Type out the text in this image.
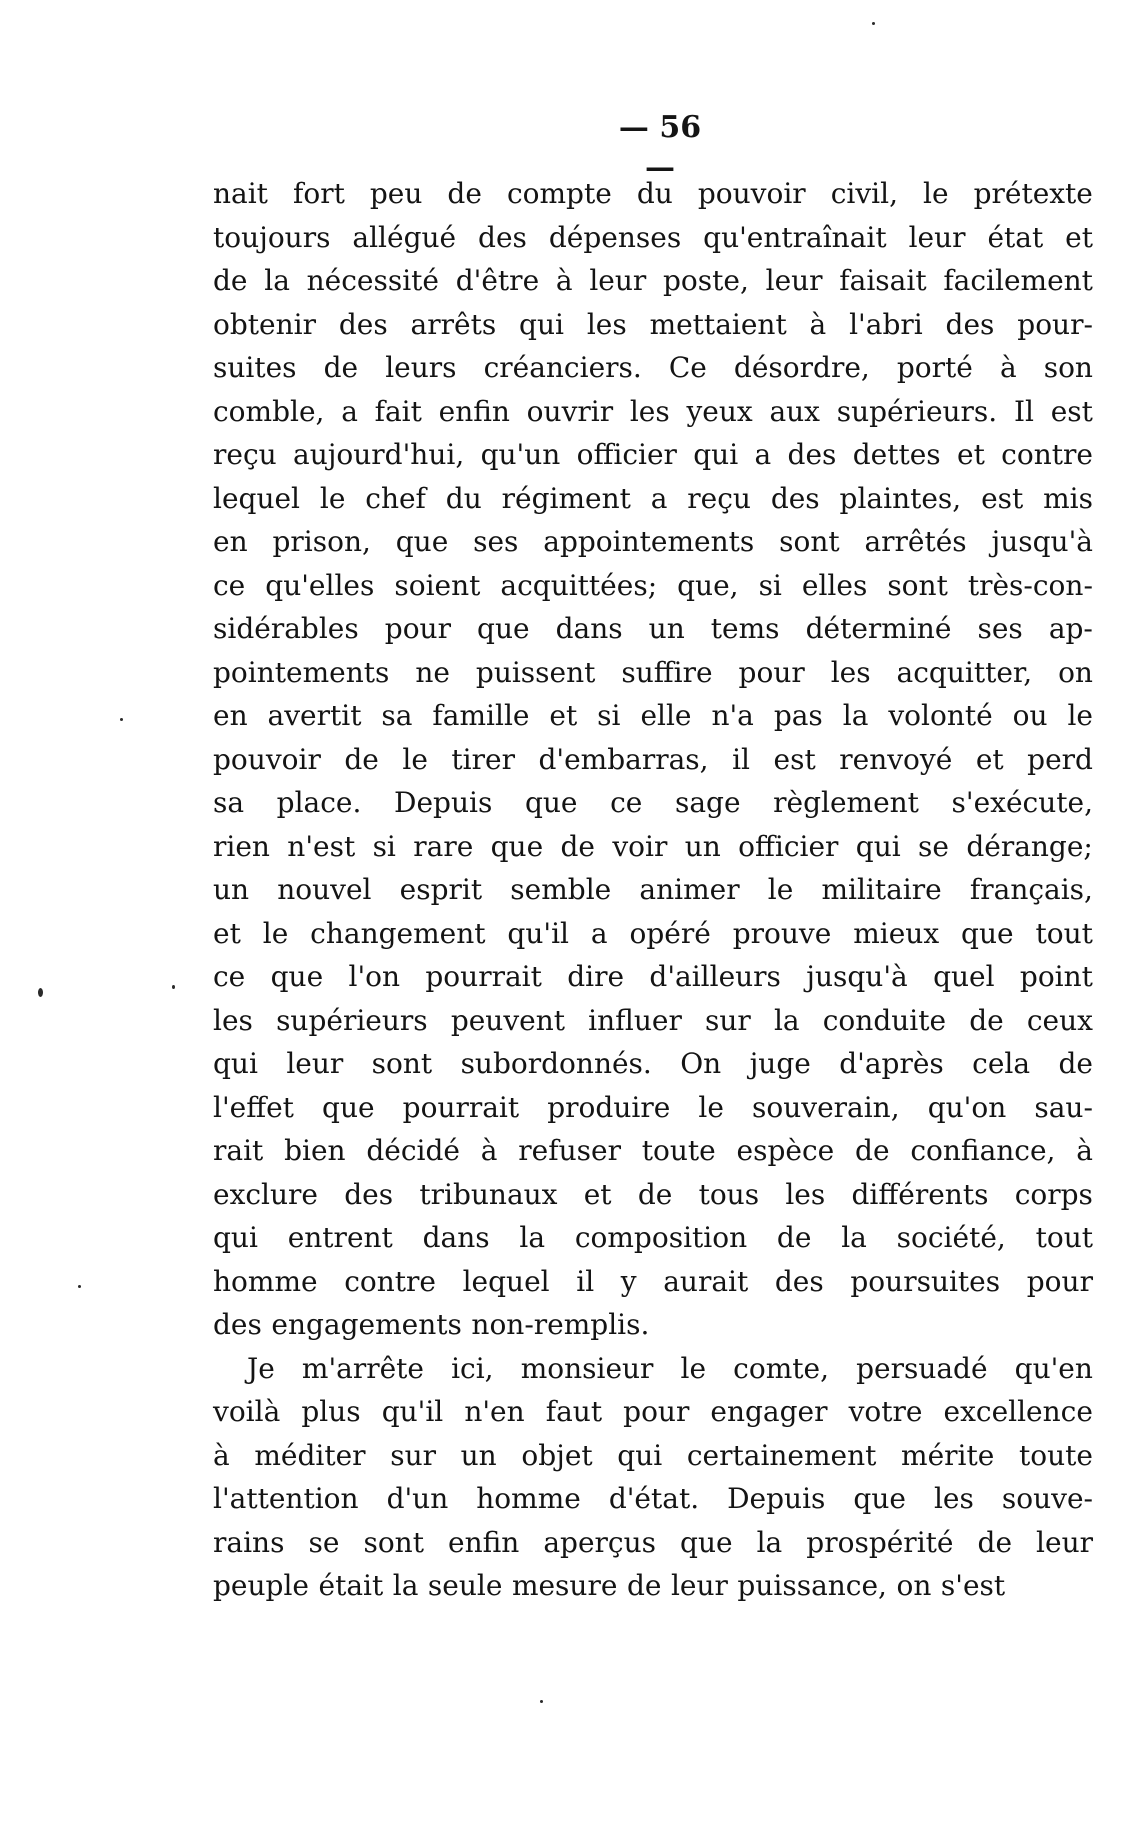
— 56 —
nait fort peu de compte du pouvoir civil, le prétexte
toujours allégué des dépenses qu'entraînait leur état et
de la nécessité d'être à leur poste, leur faisait facilement
obtenir des arrêts qui les mettaient à l'abri des pour-
suites de leurs créanciers. Ce désordre, porté à son
comble, a fait enfin ouvrir les yeux aux supérieurs. Il est
reçu aujourd'hui, qu'un officier qui a des dettes et contre
lequel le chef du régiment a reçu des plaintes, est mis
en prison, que ses appointements sont arrêtés jusqu'à
ce qu'elles soient acquittées; que, si elles sont très-con-
sidérables pour que dans un tems déterminé ses ap-
pointements ne puissent suffire pour les acquitter, on
en avertit sa famille et si elle n'a pas la volonté ou le
pouvoir de le tirer d'embarras, il est renvoyé et perd
sa place. Depuis que ce sage règlement s'exécute,
rien n'est si rare que de voir un officier qui se dérange;
un nouvel esprit semble animer le militaire français,
et le changement qu'il a opéré prouve mieux que tout
ce que l'on pourrait dire d'ailleurs jusqu'à quel point
les supérieurs peuvent influer sur la conduite de ceux
qui leur sont subordonnés. On juge d'après cela de
l'effet que pourrait produire le souverain, qu'on sau-
rait bien décidé à refuser toute espèce de confiance, à
exclure des tribunaux et de tous les différents corps
qui entrent dans la composition de la société, tout
homme contre lequel il y aurait des poursuites pour
des engagements non-remplis.
Je m'arrête ici, monsieur le comte, persuadé qu'en
voilà plus qu'il n'en faut pour engager votre excellence
à méditer sur un objet qui certainement mérite toute
l'attention d'un homme d'état. Depuis que les souve-
rains se sont enfin aperçus que la prospérité de leur
peuple était la seule mesure de leur puissance, on s'est
